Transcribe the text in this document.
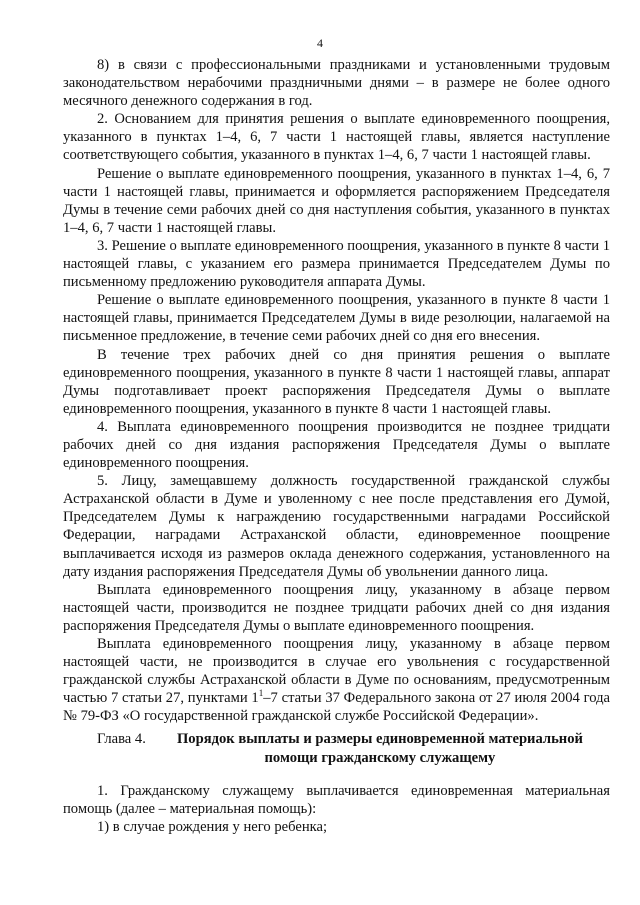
4

8) в связи с профессиональными праздниками и установленными трудовым законодательством нерабочими праздничными днями – в размере не более одного месячного денежного содержания в год.

2. Основанием для принятия решения о выплате единовременного поощрения, указанного в пунктах 1–4, 6, 7 части 1 настоящей главы, является наступление соответствующего события, указанного в пунктах 1–4, 6, 7 части 1 настоящей главы.

Решение о выплате единовременного поощрения, указанного в пунктах 1–4, 6, 7 части 1 настоящей главы, принимается и оформляется распоряжением Председателя Думы в течение семи рабочих дней со дня наступления события, указанного в пунктах 1–4, 6, 7 части 1 настоящей главы.

3. Решение о выплате единовременного поощрения, указанного в пункте 8 части 1 настоящей главы, с указанием его размера принимается Председателем Думы по письменному предложению руководителя аппарата Думы.

Решение о выплате единовременного поощрения, указанного в пункте 8 части 1 настоящей главы, принимается Председателем Думы в виде резолюции, налагаемой на письменное предложение, в течение семи рабочих дней со дня его внесения.

В течение трех рабочих дней со дня принятия решения о выплате единовременного поощрения, указанного в пункте 8 части 1 настоящей главы, аппарат Думы подготавливает проект распоряжения Председателя Думы о выплате единовременного поощрения, указанного в пункте 8 части 1 настоящей главы.

4. Выплата единовременного поощрения производится не позднее тридцати рабочих дней со дня издания распоряжения Председателя Думы о выплате единовременного поощрения.

5. Лицу, замещавшему должность государственной гражданской службы Астраханской области в Думе и уволенному с нее после представления его Думой, Председателем Думы к награждению государственными наградами Российской Федерации, наградами Астраханской области, единовременное поощрение выплачивается исходя из размеров оклада денежного содержания, установленного на дату издания распоряжения Председателя Думы об увольнении данного лица.

Выплата единовременного поощрения лицу, указанному в абзаце первом настоящей части, производится не позднее тридцати рабочих дней со дня издания распоряжения Председателя Думы о выплате единовременного поощрения.

Выплата единовременного поощрения лицу, указанному в абзаце первом настоящей части, не производится в случае его увольнения с государственной гражданской службы Астраханской области в Думе по основаниям, предусмотренным частью 7 статьи 27, пунктами $1^1-7$ статьи 37 Федерального закона от 27 июля 2004 года № 79-ФЗ «О государственной гражданской службе Российской Федерации».

Глава 4.	Порядок выплаты и размеры единовременной материальной помощи гражданскому служащему

1. Гражданскому служащему выплачивается единовременная материальная помощь (далее – материальная помощь):

1) в случае рождения у него ребенка;
